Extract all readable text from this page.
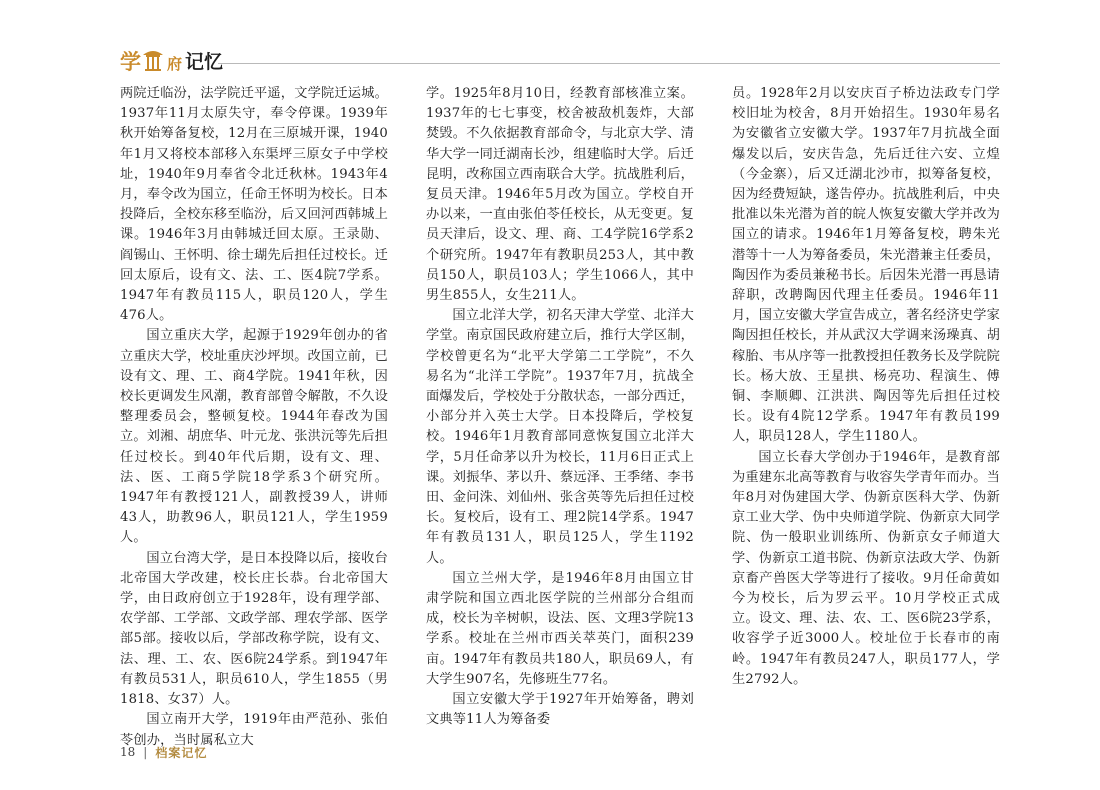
学 府 记忆

两院迁临汾，法学院迁平遥，文学院迁运城。1937年11月太原失守，奉令停课。1939年秋开始筹备复校，12月在三原城开课，1940年1月又将校本部移入东渠坪三原女子中学校址，1940年9月奉省令北迁秋林。1943年4月，奉令改为国立，任命王怀明为校长。日本投降后，全校东移至临汾，后又回河西韩城上课。1946年3月由韩城迁回太原。王录勋、阎锡山、王怀明、徐士瑚先后担任过校长。迁回太原后，设有文、法、工、医4院7学系。1947年有教员115人，职员120人，学生476人。

国立重庆大学，起源于1929年创办的省立重庆大学，校址重庆沙坪坝。改国立前，已设有文、理、工、商4学院。1941年秋，因校长更调发生风潮，教育部曾令解散，不久设整理委员会，整顿复校。1944年春改为国立。刘湘、胡庶华、叶元龙、张洪沅等先后担任过校长。到40年代后期，设有文、理、法、医、工商5学院18学系3个研究所。1947年有教授121人，副教授39人，讲师43人，助教96人，职员121人，学生1959人。

国立台湾大学，是日本投降以后，接收台北帝国大学改建，校长庄长恭。台北帝国大学，由日政府创立于1928年，设有理学部、农学部、工学部、文政学部、理农学部、医学部5部。接收以后，学部改称学院，设有文、法、理、工、农、医6院24学系。到1947年有教员531人，职员610人，学生1855（男1818、女37）人。

国立南开大学，1919年由严范孙、张伯苓创办，当时属私立大

学。1925年8月10日，经教育部核准立案。1937年的七七事变，校舍被敌机轰炸，大部焚毁。不久依据教育部命令，与北京大学、清华大学一同迁湖南长沙，组建临时大学。后迁昆明，改称国立西南联合大学。抗战胜利后，复员天津。1946年5月改为国立。学校自开办以来，一直由张伯苓任校长，从无变更。复员天津后，设文、理、商、工4学院16学系2个研究所。1947年有教职员253人，其中教员150人，职员103人；学生1066人，其中男生855人，女生211人。

国立北洋大学，初名天津大学堂、北洋大学堂。南京国民政府建立后，推行大学区制，学校曾更名为“北平大学第二工学院”，不久易名为“北洋工学院”。1937年7月，抗战全面爆发后，学校处于分散状态，一部分西迁，小部分并入英士大学。日本投降后，学校复校。1946年1月教育部同意恢复国立北洋大学，5月任命茅以升为校长，11月6日正式上课。刘振华、茅以升、蔡远泽、王季绪、李书田、金问洙、刘仙州、张含英等先后担任过校长。复校后，设有工、理2院14学系。1947年有教员131人，职员125人，学生1192人。

国立兰州大学，是1946年8月由国立甘肃学院和国立西北医学院的兰州部分合组而成，校长为辛树帜，设法、医、文理3学院13学系。校址在兰州市西关萃英门，面积239亩。1947年有教员共180人，职员69人，有大学生907名，先修班生77名。

国立安徽大学于1927年开始筹备，聘刘文典等11人为筹备委

员。1928年2月以安庆百子桥边法政专门学校旧址为校舍，8月开始招生。1930年易名为安徽省立安徽大学。1937年7月抗战全面爆发以后，安庆告急，先后迁往六安、立煌（今金寨），后又迁湖北沙市，拟筹备复校，因为经费短缺，遂告停办。抗战胜利后，中央批准以朱光潜为首的皖人恢复安徽大学并改为国立的请求。1946年1月筹备复校，聘朱光潜等十一人为筹备委员，朱光潜兼主任委员，陶因作为委员兼秘书长。后因朱光潜一再恳请辞职，改聘陶因代理主任委员。1946年11月，国立安徽大学宣告成立，著名经济史学家陶因担任校长，并从武汉大学调来汤璪真、胡稼胎、韦从序等一批教授担任教务长及学院院长。杨大放、王星拱、杨亮功、程演生、傅铜、李顺卿、江洪洪、陶因等先后担任过校长。设有4院12学系。1947年有教员199人，职员128人，学生1180人。

国立长春大学创办于1946年，是教育部为重建东北高等教育与收容失学青年而办。当年8月对伪建国大学、伪新京医科大学、伪新京工业大学、伪中央师道学院、伪新京大同学院、伪一般职业训练所、伪新京女子师道大学、伪新京工道书院、伪新京法政大学、伪新京畜产兽医大学等进行了接收。9月任命黄如今为校长，后为罗云平。10月学校正式成立。设文、理、法、农、工、医6院23学系，收容学子近3000人。校址位于长春市的南岭。1947年有教员247人，职员177人，学生2792人。

18 | 档案记忆
